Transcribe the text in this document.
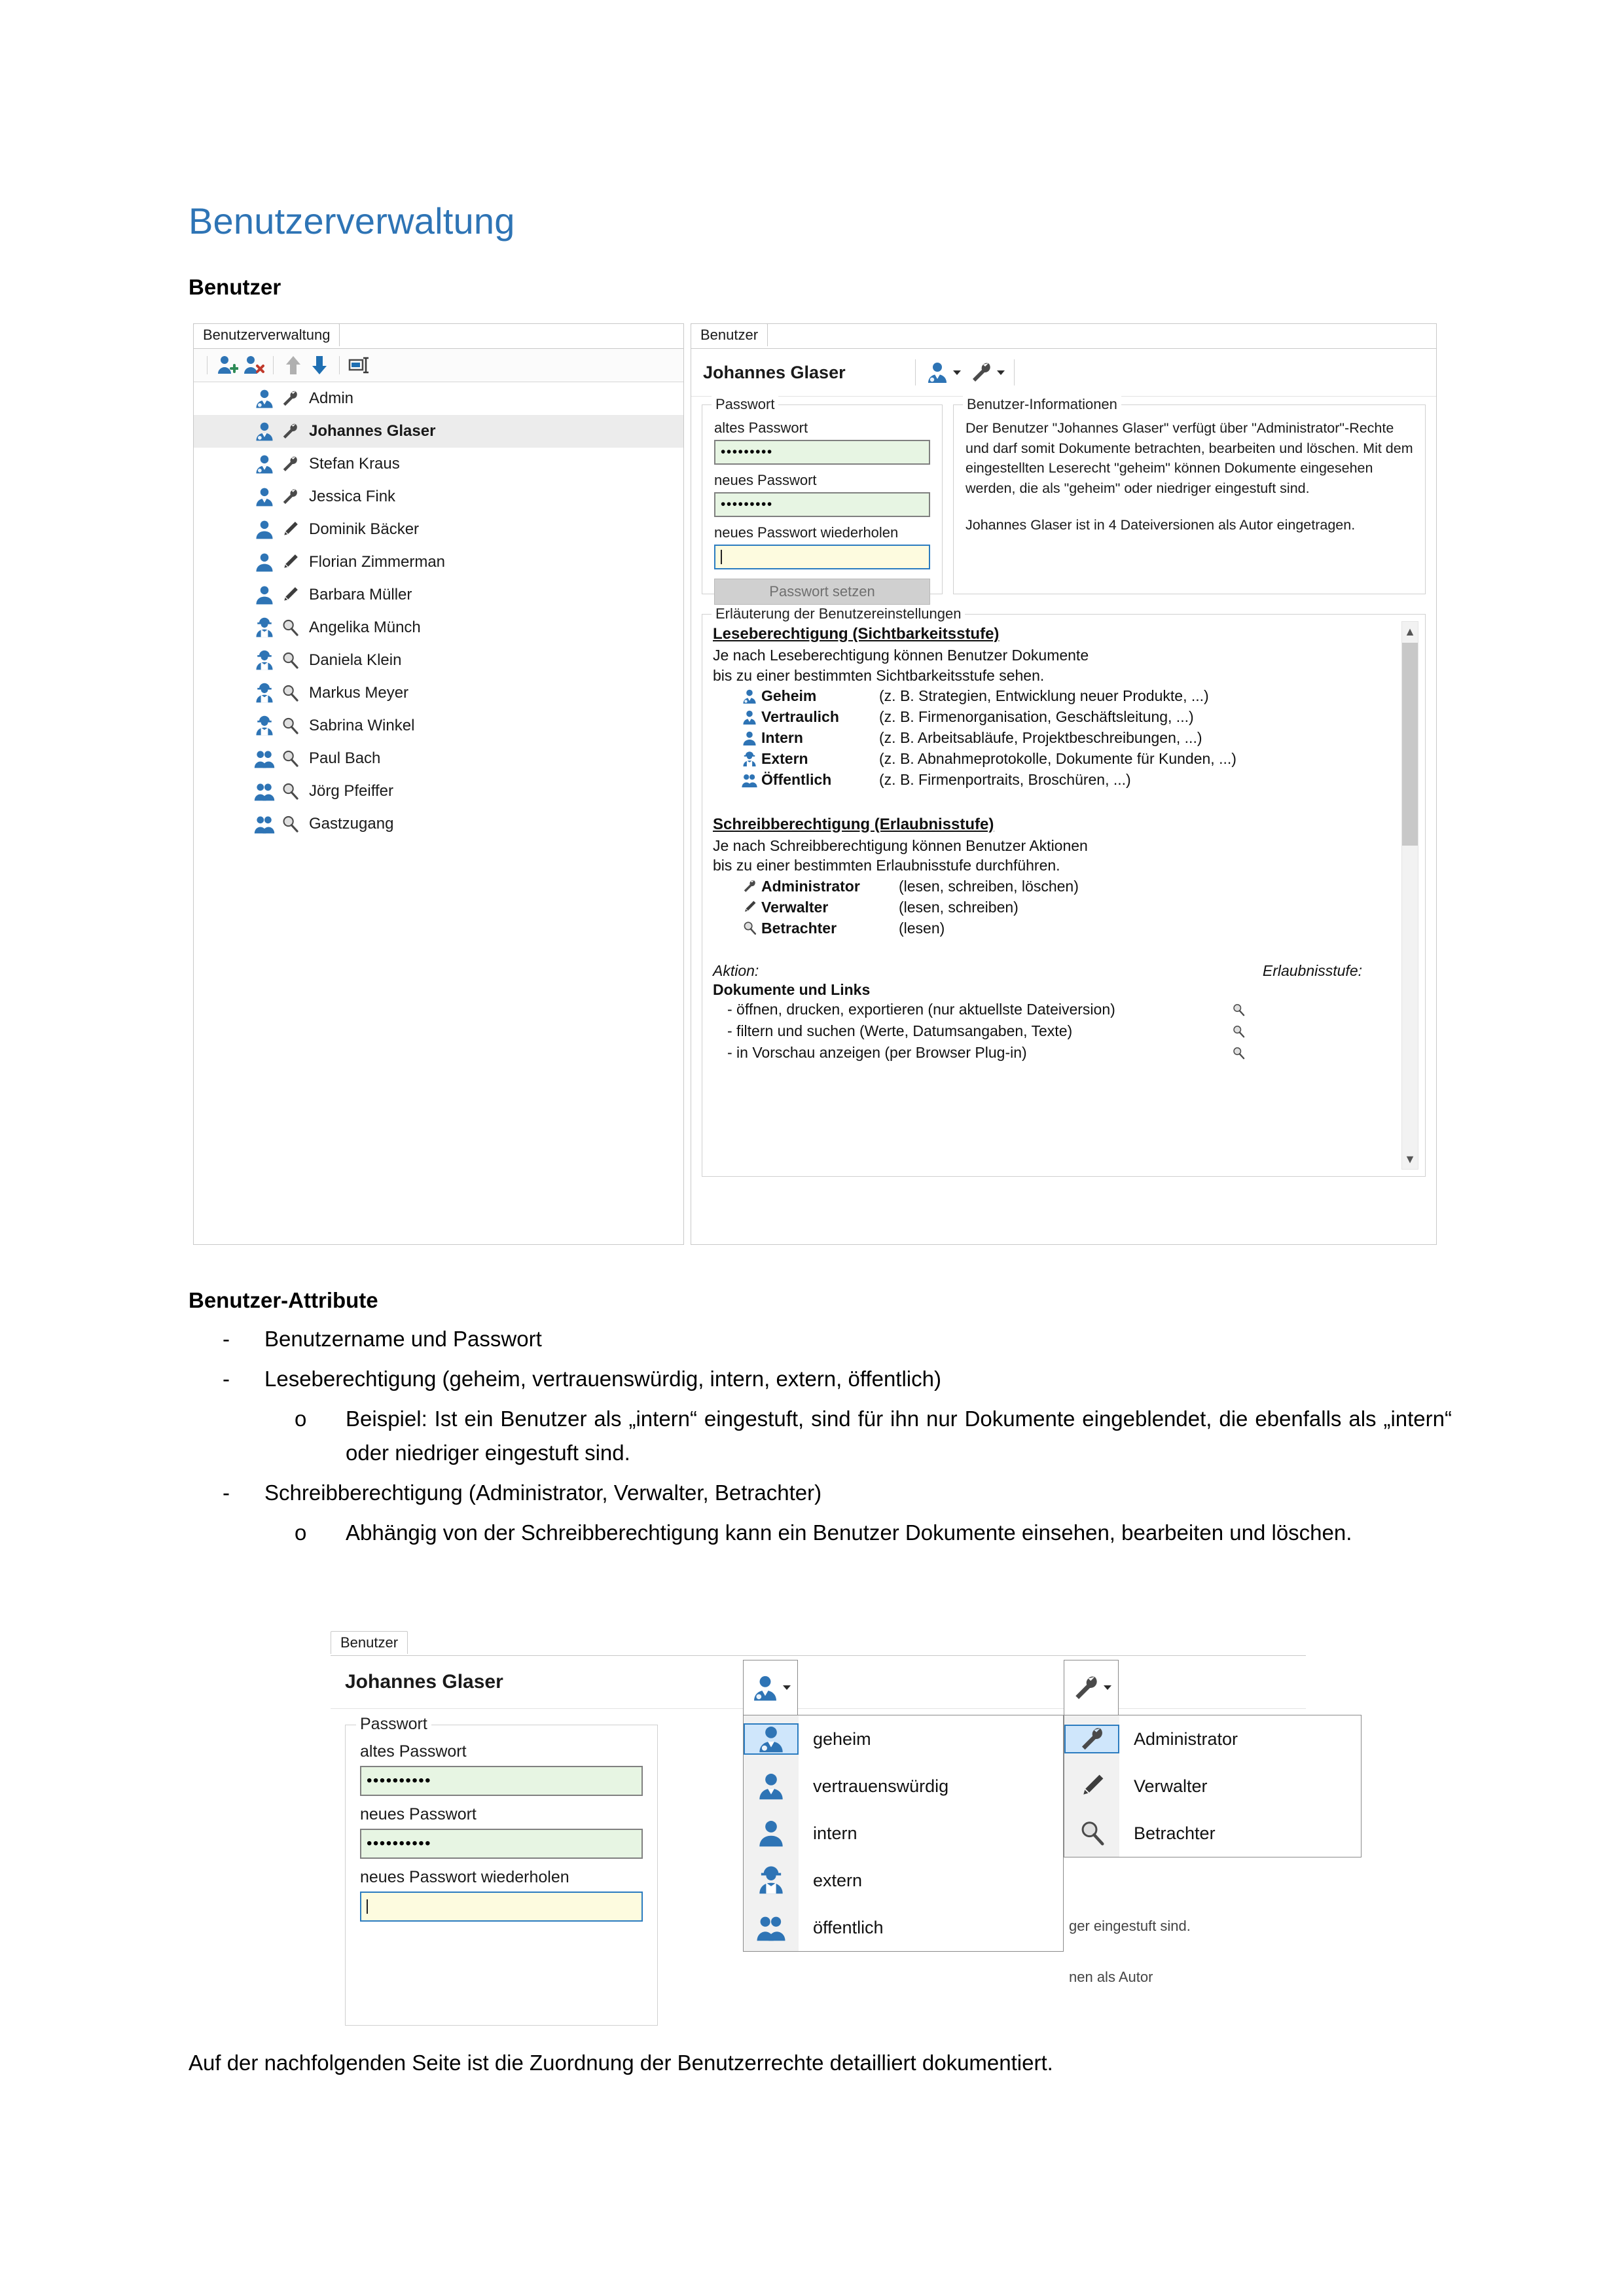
Benutzerverwaltung
Benutzer
Benutzerverwaltung
Admin
Johannes Glaser
Stefan Kraus
Jessica Fink
Dominik Bäcker
Florian Zimmerman
Barbara Müller
Angelika Münch
Daniela Klein
Markus Meyer
Sabrina Winkel
Paul Bach
Jörg Pfeiffer
Gastzugang
Benutzer
Johannes Glaser
Passwort
altes Passwort
•••••••••
neues Passwort
•••••••••
neues Passwort wiederholen
Passwort setzen
Benutzer-Informationen

Der Benutzer "Johannes Glaser" verfügt über "Administrator"-Rechte und darf somit Dokumente betrachten, bearbeiten und löschen. Mit dem eingestellten Leserecht "geheim" können Dokumente eingesehen werden, die als "geheim" oder niedriger eingestuft sind.

Johannes Glaser ist in 4 Dateiversionen als Autor eingetragen.

Erläuterung der Benutzereinstellungen
Leseberechtigung (Sichtbarkeitsstufe)
Je nach Leseberechtigung können Benutzer Dokumente
bis zu einer bestimmten Sichtbarkeitsstufe sehen.
Geheim	(z. B. Strategien, Entwicklung neuer Produkte, ...)
Vertraulich	(z. B. Firmenorganisation, Geschäftsleitung, ...)
Intern	(z. B. Arbeitsabläufe, Projektbeschreibungen, ...)
Extern	(z. B. Abnahmeprotokolle, Dokumente für Kunden, ...)
Öffentlich	(z. B. Firmenportraits, Broschüren, ...)
Schreibberechtigung (Erlaubnisstufe)
Je nach Schreibberechtigung können Benutzer Aktionen
bis zu einer bestimmten Erlaubnisstufe durchführen.
Administrator	(lesen, schreiben, löschen)
Verwalter	(lesen, schreiben)
Betrachter	(lesen)
Aktion:	Erlaubnisstufe:
Dokumente und Links
- öffnen, drucken, exportieren (nur aktuellste Dateiversion)
- filtern und suchen (Werte, Datumsangaben, Texte)
- in Vorschau anzeigen (per Browser Plug-in)
▲
▼
Benutzer-Attribute
-	Benutzername und Passwort
-	Leseberechtigung (geheim, vertrauenswürdig, intern, extern, öffentlich)
o	Beispiel: Ist ein Benutzer als „intern“ eingestuft, sind für ihn nur Dokumente eingeblendet, die ebenfalls als „intern“ oder niedriger eingestuft sind.
-	Schreibberechtigung (Administrator, Verwalter, Betrachter)
o	Abhängig von der Schreibberechtigung kann ein Benutzer Dokumente einsehen, bearbeiten und löschen.
Benutzer
Johannes Glaser
Passwort
altes Passwort
••••••••••
neues Passwort
••••••••••
neues Passwort wiederholen
ger eingestuft sind.
nen als Autor
geheim
vertrauenswürdig
intern
extern
öffentlich
Administrator
Verwalter
Betrachter
Auf der nachfolgenden Seite ist die Zuordnung der Benutzerrechte detailliert dokumentiert.
